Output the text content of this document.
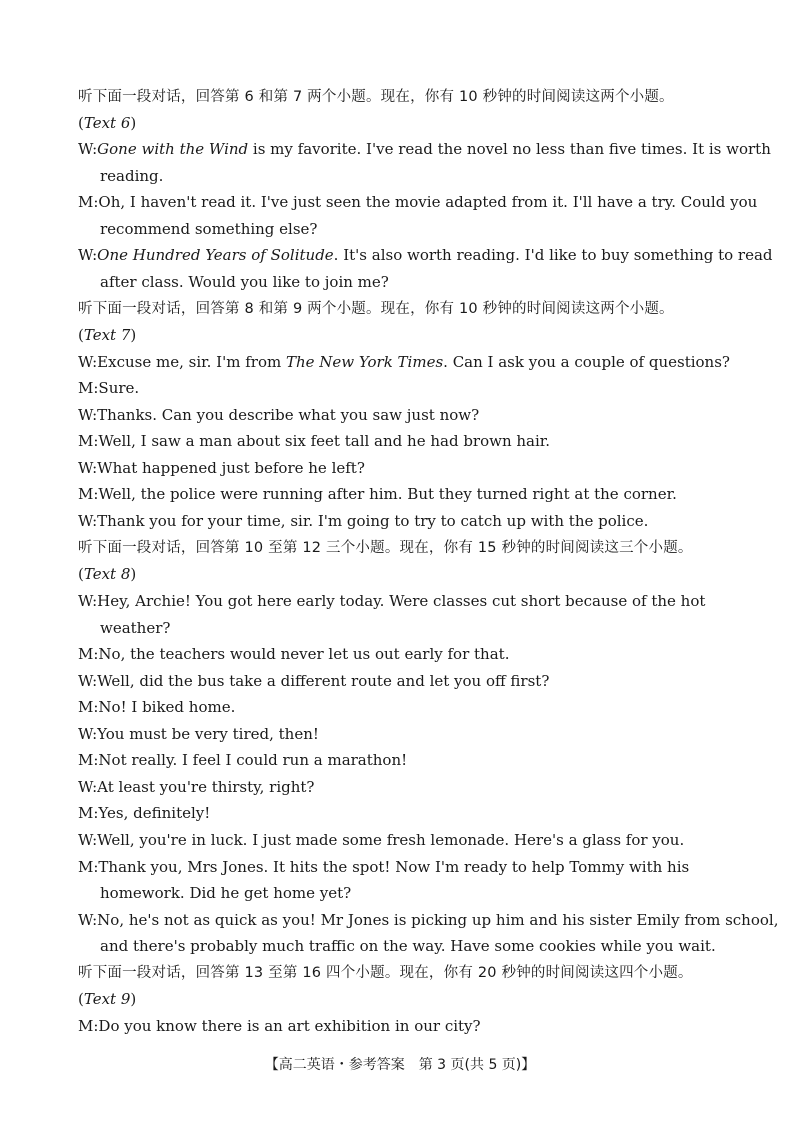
听下面一段对话，回答第 6 和第 7 两个小题。现在，你有 10 秒钟的时间阅读这两个小题。
(Text 6)
W:Gone with the Wind is my favorite. I've read the novel no less than five times. It is worth
reading.
M:Oh, I haven't read it. I've just seen the movie adapted from it. I'll have a try. Could you
recommend something else?
W:One Hundred Years of Solitude. It's also worth reading. I'd like to buy something to read
after class. Would you like to join me?
听下面一段对话，回答第 8 和第 9 两个小题。现在，你有 10 秒钟的时间阅读这两个小题。
(Text 7)
W:Excuse me, sir. I'm from The New York Times. Can I ask you a couple of questions?
M:Sure.
W:Thanks. Can you describe what you saw just now?
M:Well, I saw a man about six feet tall and he had brown hair.
W:What happened just before he left?
M:Well, the police were running after him. But they turned right at the corner.
W:Thank you for your time, sir. I'm going to try to catch up with the police.
听下面一段对话，回答第 10 至第 12 三个小题。现在，你有 15 秒钟的时间阅读这三个小题。
(Text 8)
W:Hey, Archie! You got here early today. Were classes cut short because of the hot
weather?
M:No, the teachers would never let us out early for that.
W:Well, did the bus take a different route and let you off first?
M:No! I biked home.
W:You must be very tired, then!
M:Not really. I feel I could run a marathon!
W:At least you're thirsty, right?
M:Yes, definitely!
W:Well, you're in luck. I just made some fresh lemonade. Here's a glass for you.
M:Thank you, Mrs Jones. It hits the spot! Now I'm ready to help Tommy with his
homework. Did he get home yet?
W:No, he's not as quick as you! Mr Jones is picking up him and his sister Emily from school,
and there's probably much traffic on the way. Have some cookies while you wait.
听下面一段对话，回答第 13 至第 16 四个小题。现在，你有 20 秒钟的时间阅读这四个小题。
(Text 9)
M:Do you know there is an art exhibition in our city?
【高二英语・参考答案 第 3 页(共 5 页)】
